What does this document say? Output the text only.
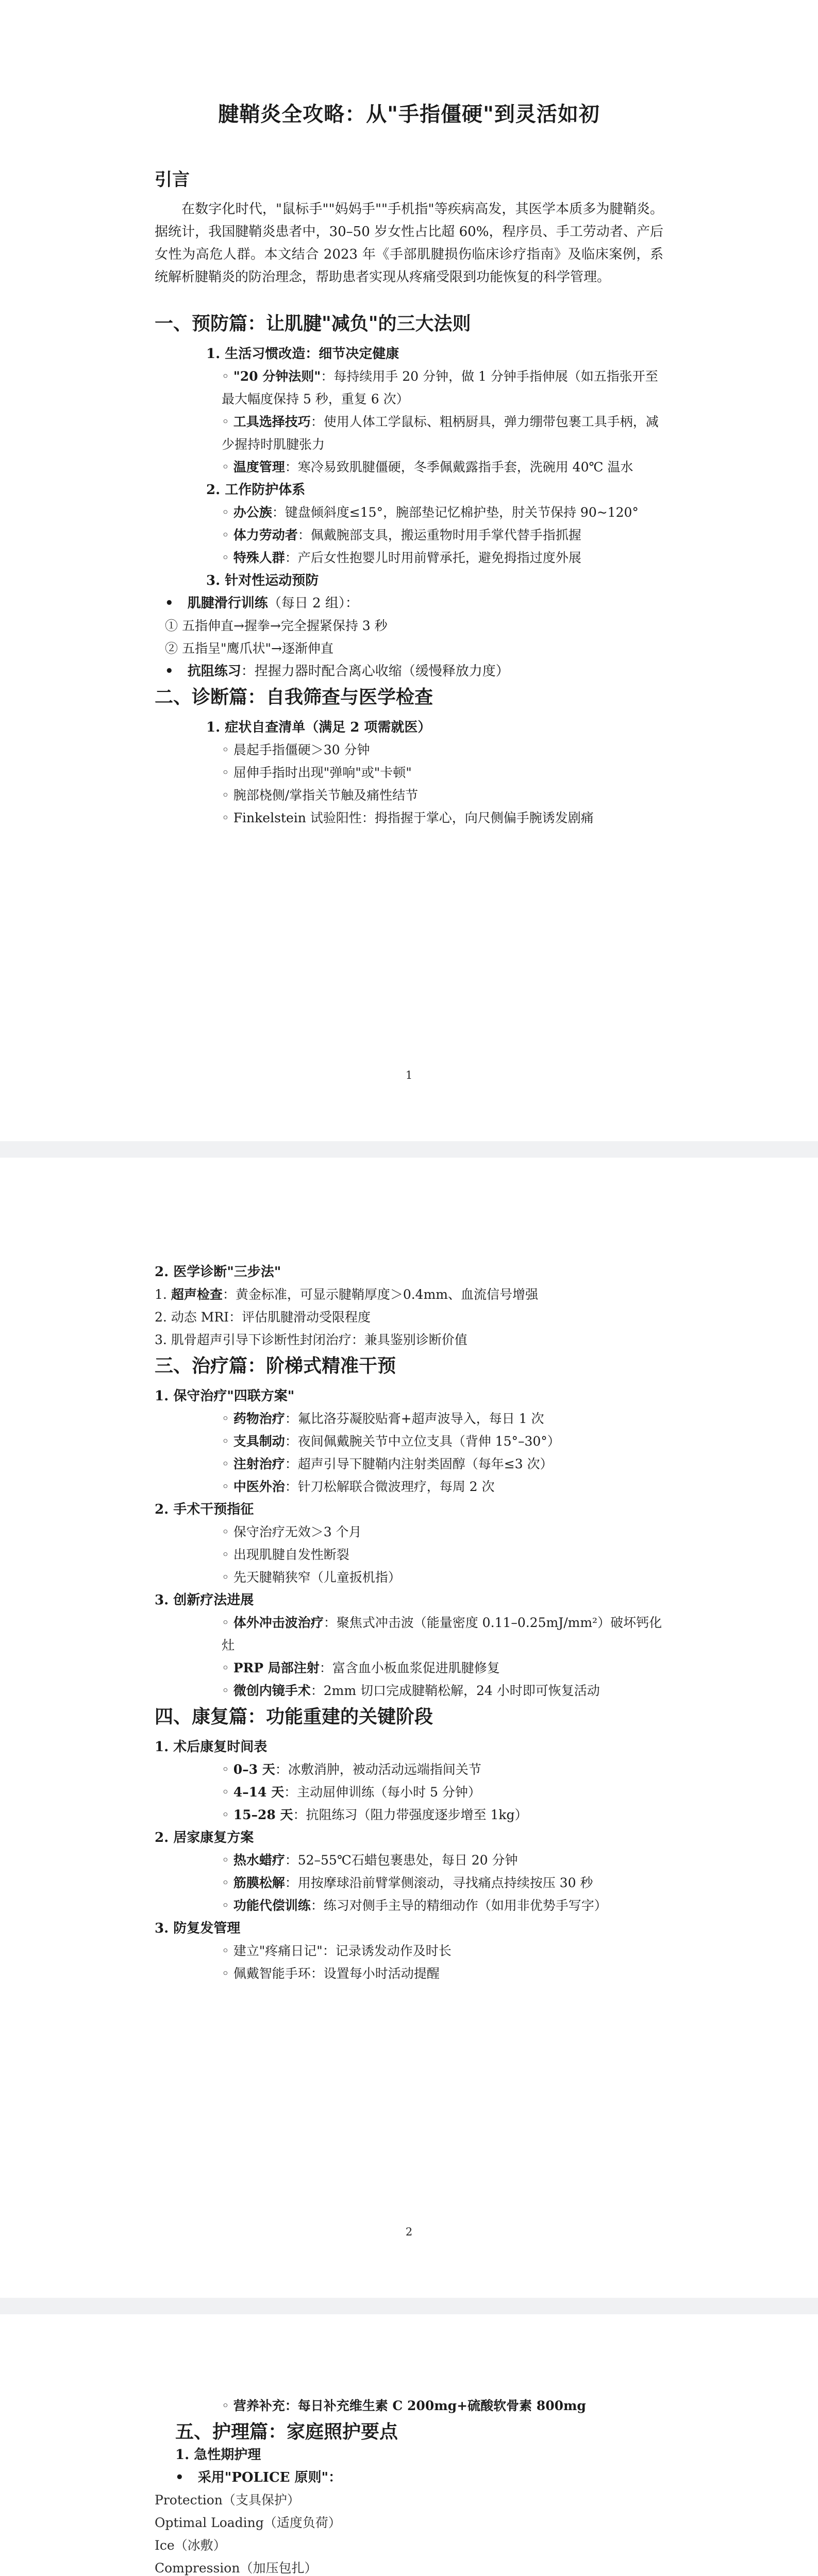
腱鞘炎全攻略：从"手指僵硬"到灵活如初
引言

在数字化时代，"鼠标手""妈妈手""手机指"等疾病高发，其医学本质多为腱鞘炎。据统计，我国腱鞘炎患者中，30–50 岁女性占比超 60%，程序员、手工劳动者、产后女性为高危人群。本文结合 2023 年《手部肌腱损伤临床诊疗指南》及临床案例，系统解析腱鞘炎的防治理念，帮助患者实现从疼痛受限到功能恢复的科学管理。

一、预防篇：让肌腱"减负"的三大法则

1. 生活习惯改造：细节决定健康

◦ "20 分钟法则"：每持续用手 20 分钟，做 1 分钟手指伸展（如五指张开至最大幅度保持 5 秒，重复 6 次）

◦ 工具选择技巧：使用人体工学鼠标、粗柄厨具，弹力绷带包裹工具手柄，减少握持时肌腱张力

◦ 温度管理：寒冷易致肌腱僵硬，冬季佩戴露指手套，洗碗用 40℃ 温水

2. 工作防护体系

◦ 办公族：键盘倾斜度≤15°，腕部垫记忆棉护垫，肘关节保持 90~120°

◦ 体力劳动者：佩戴腕部支具，搬运重物时用手掌代替手指抓握

◦ 特殊人群：产后女性抱婴儿时用前臂承托，避免拇指过度外展

3. 针对性运动预防

•   肌腱滑行训练（每日 2 组）：

① 五指伸直→握拳→完全握紧保持 3 秒

② 五指呈"鹰爪状"→逐渐伸直

•   抗阻练习：捏握力器时配合离心收缩（缓慢释放力度）

二、诊断篇：自我筛查与医学检查

1. 症状自查清单（满足 2 项需就医）

◦ 晨起手指僵硬＞30 分钟

◦ 屈伸手指时出现"弹响"或"卡顿"

◦ 腕部桡侧/掌指关节触及痛性结节

◦ Finkelstein 试验阳性：拇指握于掌心，向尺侧偏手腕诱发剧痛

1

2. 医学诊断"三步法"

1. 超声检查：黄金标准，可显示腱鞘厚度＞0.4mm、血流信号增强

2. 动态 MRI：评估肌腱滑动受限程度

3. 肌骨超声引导下诊断性封闭治疗：兼具鉴别诊断价值

三、治疗篇：阶梯式精准干预

1. 保守治疗"四联方案"

◦ 药物治疗：氟比洛芬凝胶贴膏+超声波导入，每日 1 次

◦ 支具制动：夜间佩戴腕关节中立位支具（背伸 15°–30°）

◦ 注射治疗：超声引导下腱鞘内注射类固醇（每年≤3 次）

◦ 中医外治：针刀松解联合微波理疗，每周 2 次

2. 手术干预指征

◦ 保守治疗无效＞3 个月

◦ 出现肌腱自发性断裂

◦ 先天腱鞘狭窄（儿童扳机指）

3. 创新疗法进展

◦ 体外冲击波治疗：聚焦式冲击波（能量密度 0.11–0.25mJ/mm²）破坏钙化灶

◦ PRP 局部注射：富含血小板血浆促进肌腱修复

◦ 微创内镜手术：2mm 切口完成腱鞘松解，24 小时即可恢复活动

四、康复篇：功能重建的关键阶段

1. 术后康复时间表

◦ 0–3 天：冰敷消肿，被动活动远端指间关节

◦ 4–14 天：主动屈伸训练（每小时 5 分钟）

◦ 15–28 天：抗阻练习（阻力带强度逐步增至 1kg）

2. 居家康复方案

◦ 热水蜡疗：52–55℃石蜡包裹患处，每日 20 分钟

◦ 筋膜松解：用按摩球沿前臂掌侧滚动，寻找痛点持续按压 30 秒

◦ 功能代偿训练：练习对侧手主导的精细动作（如用非优势手写字）

3. 防复发管理

◦ 建立"疼痛日记"：记录诱发动作及时长

◦ 佩戴智能手环：设置每小时活动提醒

2

◦ 营养补充：每日补充维生素 C 200mg+硫酸软骨素 800mg

五、护理篇：家庭照护要点

1. 急性期护理

•   采用"POLICE 原则"：

Protection（支具保护）

Optimal Loading（适度负荷）

Ice（冰敷）

Compression（加压包扎）
